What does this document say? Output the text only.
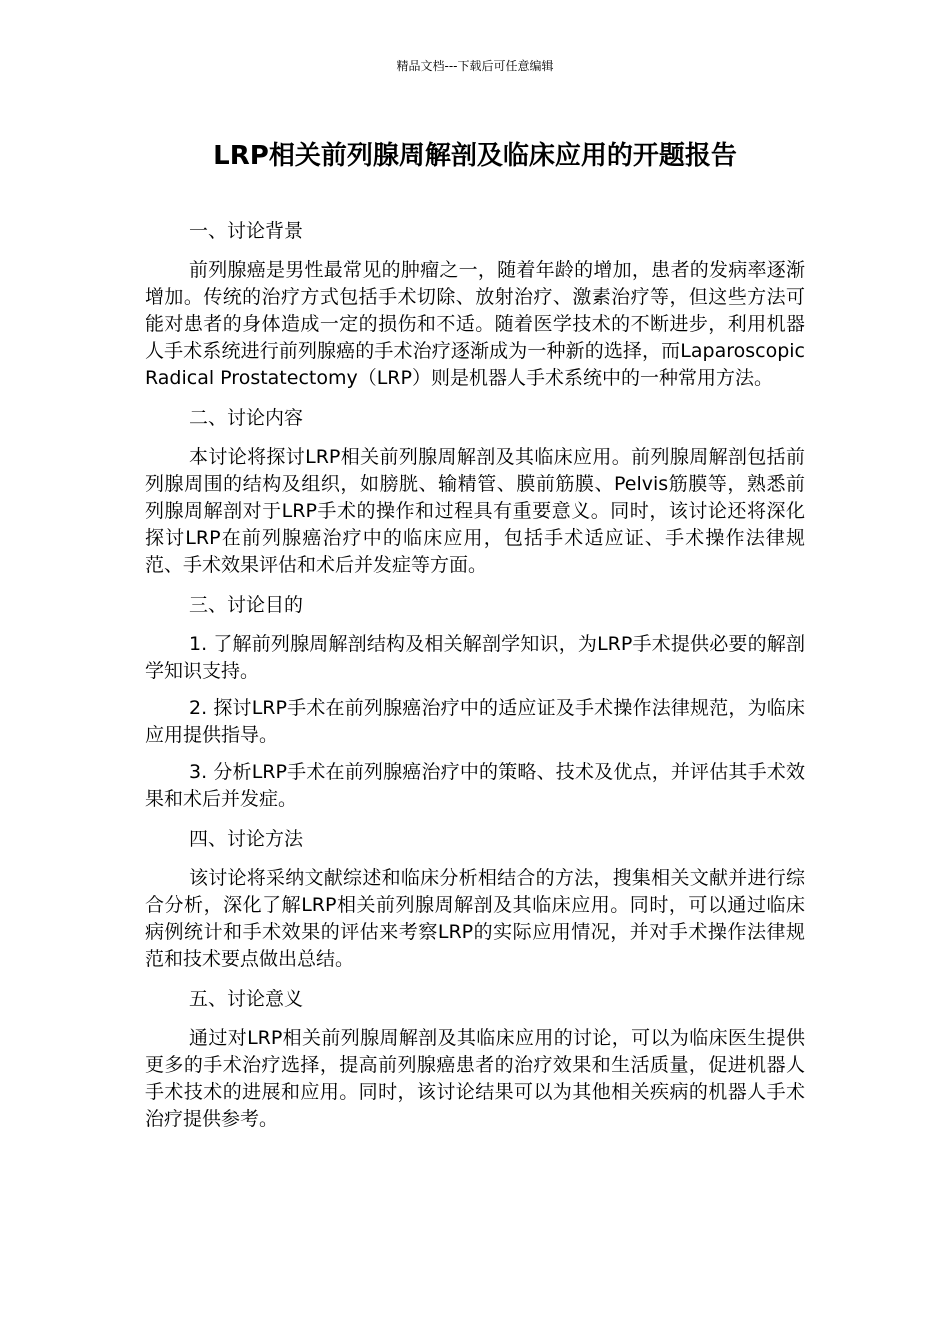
精品文档---下载后可任意编辑
LRP相关前列腺周解剖及临床应用的开题报告
一、讨论背景

前列腺癌是男性最常见的肿瘤之一，随着年龄的增加，患者的发病率逐渐增加。传统的治疗方式包括手术切除、放射治疗、激素治疗等，但这些方法可能对患者的身体造成一定的损伤和不适。随着医学技术的不断进步，利用机器人手术系统进行前列腺癌的手术治疗逐渐成为一种新的选择，而Laparoscopic Radical Prostatectomy（LRP）则是机器人手术系统中的一种常用方法。

二、讨论内容

本讨论将探讨LRP相关前列腺周解剖及其临床应用。前列腺周解剖包括前列腺周围的结构及组织，如膀胱、输精管、膜前筋膜、Pelvis筋膜等，熟悉前列腺周解剖对于LRP手术的操作和过程具有重要意义。同时，该讨论还将深化探讨LRP在前列腺癌治疗中的临床应用，包括手术适应证、手术操作法律规范、手术效果评估和术后并发症等方面。

三、讨论目的

1. 了解前列腺周解剖结构及相关解剖学知识，为LRP手术提供必要的解剖学知识支持。

2. 探讨LRP手术在前列腺癌治疗中的适应证及手术操作法律规范，为临床应用提供指导。

3. 分析LRP手术在前列腺癌治疗中的策略、技术及优点，并评估其手术效果和术后并发症。

四、讨论方法

该讨论将采纳文献综述和临床分析相结合的方法，搜集相关文献并进行综合分析，深化了解LRP相关前列腺周解剖及其临床应用。同时，可以通过临床病例统计和手术效果的评估来考察LRP的实际应用情况，并对手术操作法律规范和技术要点做出总结。

五、讨论意义

通过对LRP相关前列腺周解剖及其临床应用的讨论，可以为临床医生提供更多的手术治疗选择，提高前列腺癌患者的治疗效果和生活质量，促进机器人手术技术的进展和应用。同时，该讨论结果可以为其他相关疾病的机器人手术治疗提供参考。
